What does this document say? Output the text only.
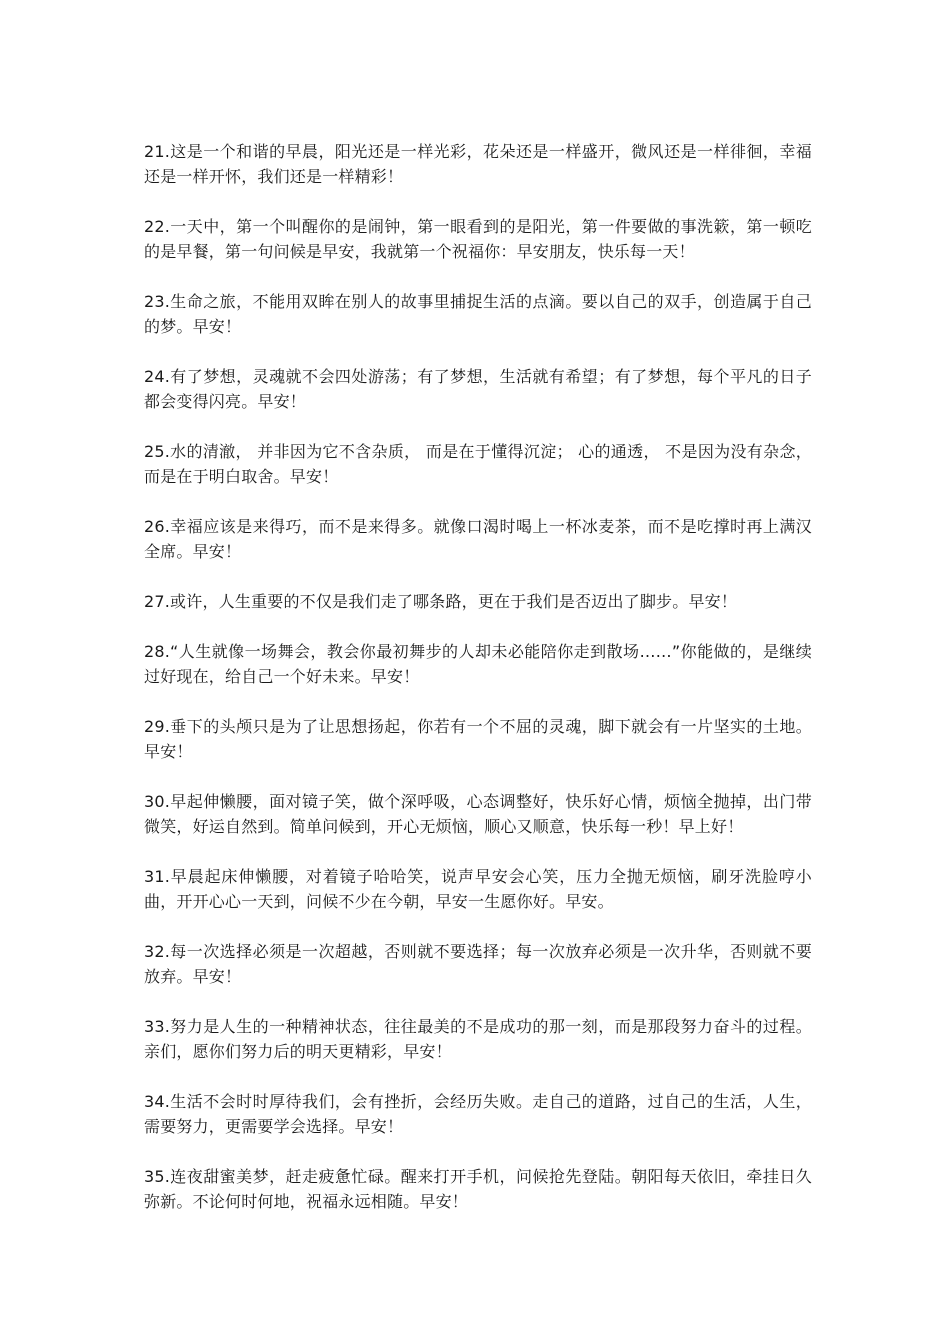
21.这是一个和谐的早晨，阳光还是一样光彩，花朵还是一样盛开，微风还是一样徘徊，幸福还是一样开怀，我们还是一样精彩！

22.一天中，第一个叫醒你的是闹钟，第一眼看到的是阳光，第一件要做的事洗簌，第一顿吃的是早餐，第一句问候是早安，我就第一个祝福你：早安朋友，快乐每一天！

23.生命之旅，不能用双眸在别人的故事里捕捉生活的点滴。要以自己的双手，创造属于自己的梦。早安！

24.有了梦想，灵魂就不会四处游荡；有了梦想，生活就有希望；有了梦想，每个平凡的日子都会变得闪亮。早安！

25.水的清澈， 并非因为它不含杂质， 而是在于懂得沉淀； 心的通透， 不是因为没有杂念， 而是在于明白取舍。早安！

26.幸福应该是来得巧，而不是来得多。就像口渴时喝上一杯冰麦茶，而不是吃撑时再上满汉全席。早安！

27.或许，人生重要的不仅是我们走了哪条路，更在于我们是否迈出了脚步。早安！

28.“人生就像一场舞会，教会你最初舞步的人却未必能陪你走到散场……”你能做的，是继续过好现在，给自己一个好未来。早安！

29.垂下的头颅只是为了让思想扬起，你若有一个不屈的灵魂，脚下就会有一片坚实的土地。早安！

30.早起伸懒腰，面对镜子笑，做个深呼吸，心态调整好，快乐好心情，烦恼全抛掉，出门带微笑，好运自然到。简单问候到，开心无烦恼，顺心又顺意，快乐每一秒！早上好！

31.早晨起床伸懒腰，对着镜子哈哈笑，说声早安会心笑，压力全抛无烦恼，刷牙洗脸哼小曲，开开心心一天到，问候不少在今朝，早安一生愿你好。早安。

32.每一次选择必须是一次超越，否则就不要选择；每一次放弃必须是一次升华，否则就不要放弃。早安！

33.努力是人生的一种精神状态，往往最美的不是成功的那一刻，而是那段努力奋斗的过程。亲们，愿你们努力后的明天更精彩，早安！

34.生活不会时时厚待我们，会有挫折，会经历失败。走自己的道路，过自己的生活，人生，需要努力，更需要学会选择。早安！

35.连夜甜蜜美梦，赶走疲惫忙碌。醒来打开手机，问候抢先登陆。朝阳每天依旧，牵挂日久弥新。不论何时何地，祝福永远相随。早安！
